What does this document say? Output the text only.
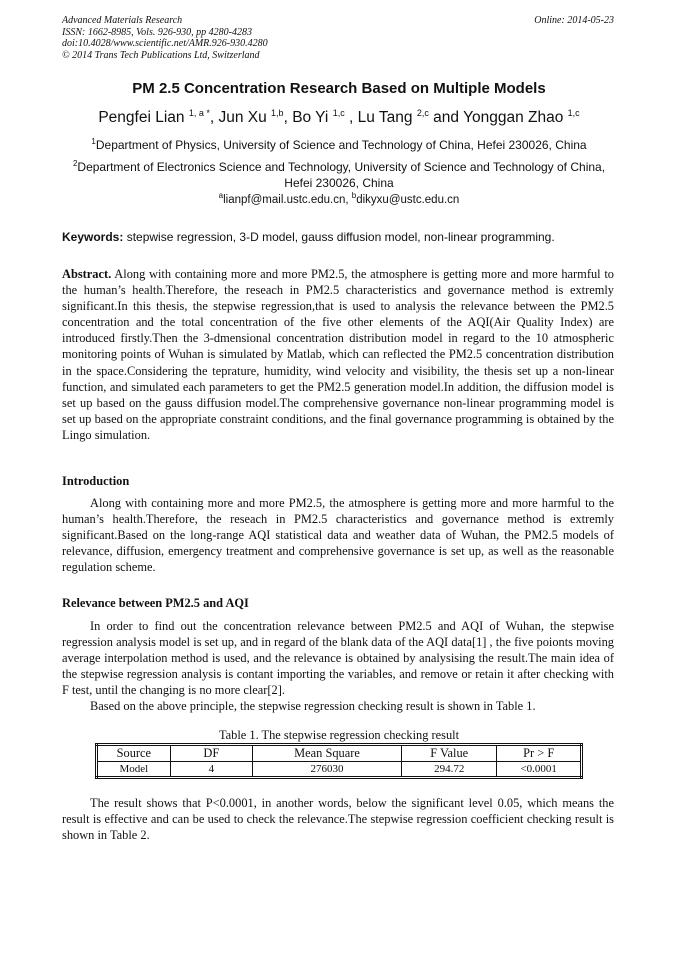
Advanced Materials Research
ISSN: 1662-8985, Vols. 926-930, pp 4280-4283
doi:10.4028/www.scientific.net/AMR.926-930.4280
© 2014 Trans Tech Publications Ltd, Switzerland
Online: 2014-05-23
PM 2.5 Concentration Research Based on Multiple Models
Pengfei Lian $^{1, a *}$, Jun Xu $^{1,b}$, Bo Yi $^{1,c}$ , Lu Tang $^{2,c}$ and Yonggan Zhao $^{1,c}$
$^1$Department of Physics, University of Science and Technology of China, Hefei 230026, China
$^2$Department of Electronics Science and Technology, University of Science and Technology of China, Hefei 230026, China
$^a$lianpf@mail.ustc.edu.cn, $^b$dikyxu@ustc.edu.cn
Keywords: stepwise regression, 3-D model, gauss diffusion model, non-linear programming.
Abstract. Along with containing more and more PM2.5, the atmosphere is getting more and more harmful to the human’s health.Therefore, the reseach in PM2.5 characteristics and governance method is extremly significant.In this thesis, the stepwise regression,that is used to analysis the relevance between the PM2.5 concentration and the total concentration of the five other elements of the AQI(Air Quality Index) are introduced firstly.Then the 3-dmensional concentration distribution model in regard to the 10 atmospheric monitoring points of Wuhan is simulated by Matlab, which can reflected the PM2.5 concentration distribution in the space.Considering the teprature, humidity, wind velocity and visibility, the thesis set up a non-linear function, and simulated each parameters to get the PM2.5 generation model.In addition, the diffusion model is set up based on the gauss diffusion model.The comprehensive governance non-linear programming model is set up based on the appropriate constraint conditions, and the final governance programming is obtained by the Lingo simulation.
Introduction
Along with containing more and more PM2.5, the atmosphere is getting more and more harmful to the human’s health.Therefore, the reseach in PM2.5 characteristics and governance method is extremly significant.Based on the long-range AQI statistical data and weather data of Wuhan, the PM2.5 models of relevance, diffusion, emergency treatment and comprehensive governance is set up, as well as the reasonable regulation scheme.
Relevance between PM2.5 and AQI
In order to find out the concentration relevance between PM2.5 and AQI of Wuhan, the stepwise regression analysis model is set up, and in regard of the blank data of the AQI data[1] , the five poionts moving average interpolation method is used, and the relevance is obtained by analysising the result.The main idea of the stepwise regression analysis is contant importing the variables, and remove or retain it after checking with F test, until the changing is no more clear[2].
Based on the above principle, the stepwise regression checking result is shown in Table 1.
Table 1. The stepwise regression checking result
Source	DF	Mean Square	F Value	Pr > F
Model	4	276030	294.72	<0.0001
The result shows that P<0.0001, in another words, below the significant level 0.05, which means the result is effective and can be used to check the relevance.The stepwise regression coefficient checking result is shown in Table 2.
